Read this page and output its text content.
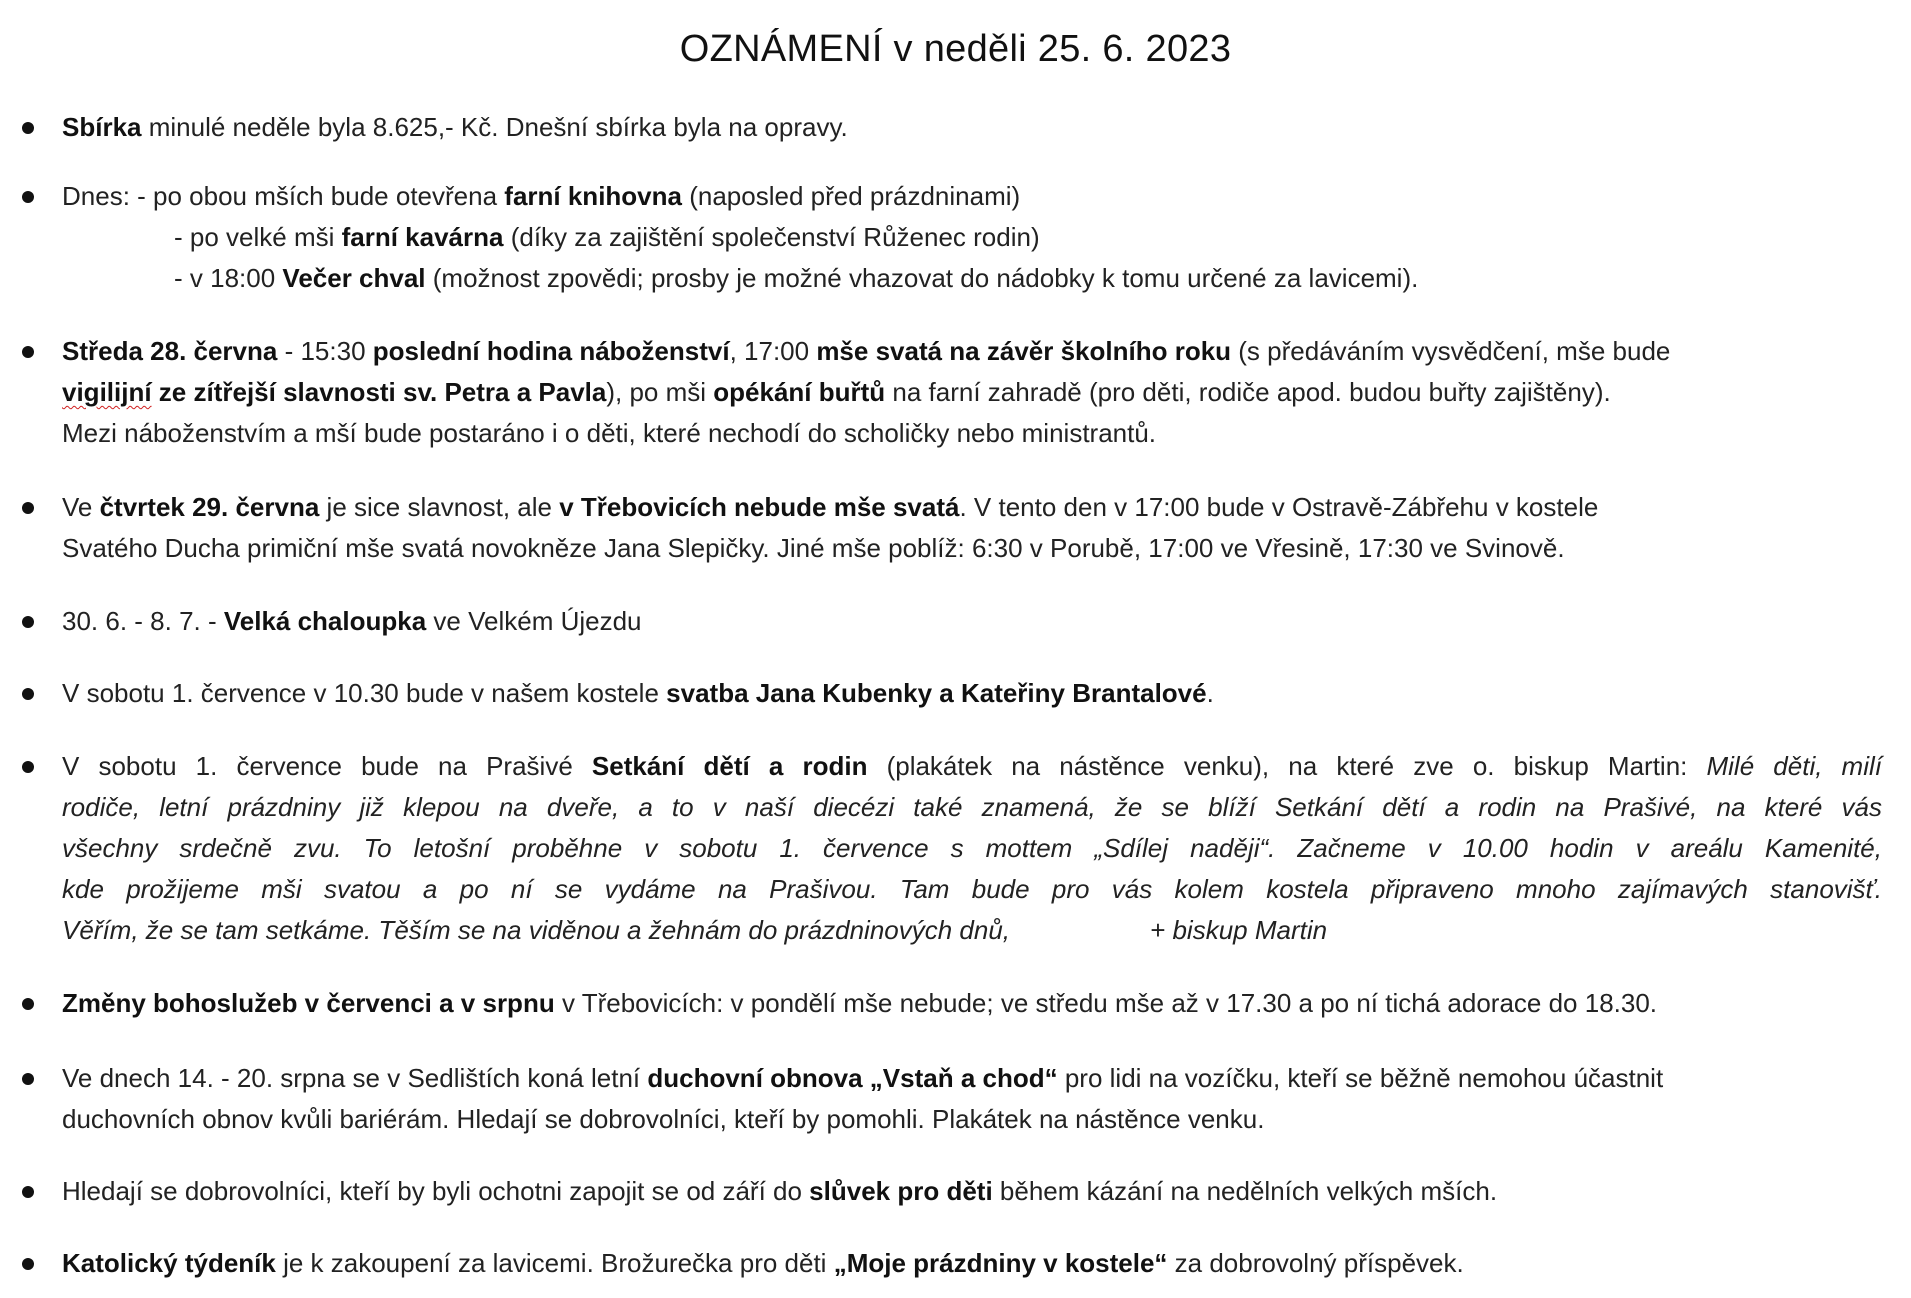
OZNÁMENÍ v neděli 25. 6. 2023
Sbírka minulé neděle byla 8.625,- Kč. Dnešní sbírka byla na opravy.
Dnes: - po obou mších bude otevřena farní knihovna (naposled před prázdninami)
- po velké mši farní kavárna (díky za zajištění společenství Růženec rodin)
- v 18:00 Večer chval (možnost zpovědi; prosby je možné vhazovat do nádobky k tomu určené za lavicemi).
Středa 28. června - 15:30 poslední hodina náboženství, 17:00 mše svatá na závěr školního roku (s předáváním vysvědčení, mše bude
vigilijní ze zítřejší slavnosti sv. Petra a Pavla), po mši opékání buřtů na farní zahradě (pro děti, rodiče apod. budou buřty zajištěny).
Mezi náboženstvím a mší bude postaráno i o děti, které nechodí do scholičky nebo ministrantů.
Ve čtvrtek 29. června je sice slavnost, ale v Třebovicích nebude mše svatá. V tento den v 17:00 bude v Ostravě-Zábřehu v kostele
Svatého Ducha primiční mše svatá novokněze Jana Slepičky. Jiné mše poblíž: 6:30 v Porubě, 17:00 ve Vřesině, 17:30 ve Svinově.
30. 6. - 8. 7. - Velká chaloupka ve Velkém Újezdu
V sobotu 1. července v 10.30 bude v našem kostele svatba Jana Kubenky a Kateřiny Brantalové.
V sobotu 1. července bude na Prašivé Setkání dětí a rodin (plakátek na nástěnce venku), na které zve o. biskup Martin: Milé děti, milí
rodiče, letní prázdniny již klepou na dveře, a to v naší diecézi také znamená, že se blíží Setkání dětí a rodin na Prašivé, na které vás
všechny srdečně zvu. To letošní proběhne v sobotu 1. července s mottem „Sdílej naději“. Začneme v 10.00 hodin v areálu Kamenité,
kde prožijeme mši svatou a po ní se vydáme na Prašivou. Tam bude pro vás kolem kostela připraveno mnoho zajímavých stanovišť.
Věřím, že se tam setkáme. Těším se na viděnou a žehnám do prázdninových dnů,	+ biskup Martin
Změny bohoslužeb v červenci a v srpnu v Třebovicích: v pondělí mše nebude; ve středu mše až v 17.30 a po ní tichá adorace do 18.30.
Ve dnech 14. - 20. srpna se v Sedlištích koná letní duchovní obnova „Vstaň a chod“ pro lidi na vozíčku, kteří se běžně nemohou účastnit
duchovních obnov kvůli bariérám. Hledají se dobrovolníci, kteří by pomohli. Plakátek na nástěnce venku.
Hledají se dobrovolníci, kteří by byli ochotni zapojit se od září do slůvek pro děti během kázání na nedělních velkých mších.
Katolický týdeník je k zakoupení za lavicemi. Brožurečka pro děti „Moje prázdniny v kostele“ za dobrovolný příspěvek.
